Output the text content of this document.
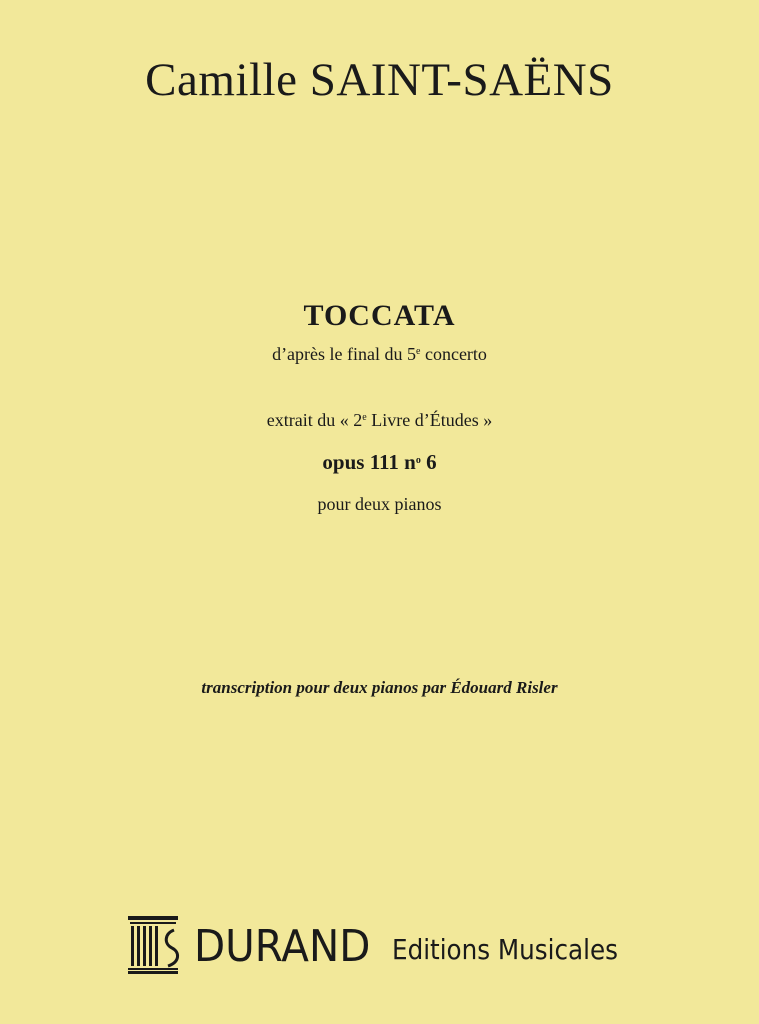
Camille SAINT-SAËNS
TOCCATA
d’après le final du 5e concerto
extrait du « 2e Livre d’Études »
opus 111 $n^o$ 6
pour deux pianos
transcription pour deux pianos par Édouard Risler
DURAND Editions Musicales
